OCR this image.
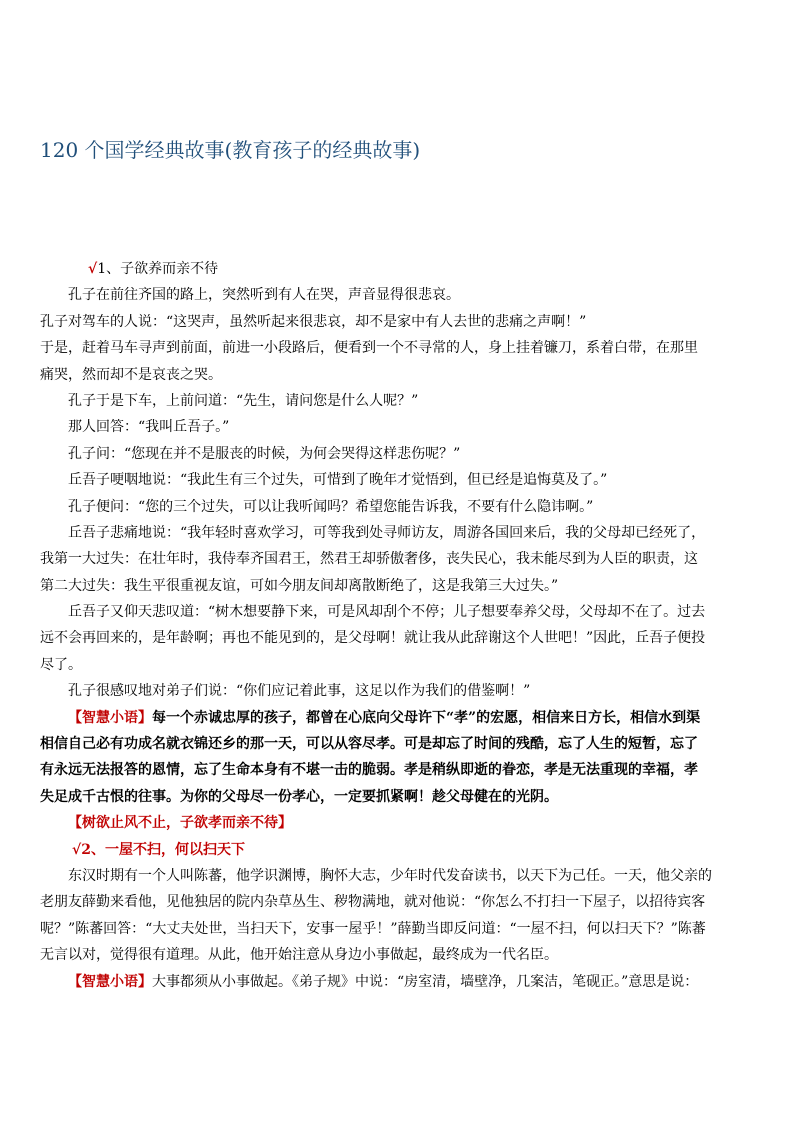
120 个国学经典故事(教育孩子的经典故事)
√1、子欲养而亲不待
孔子在前往齐国的路上，突然听到有人在哭，声音显得很悲哀。
孔子对驾车的人说：“这哭声，虽然听起来很悲哀，却不是家中有人去世的悲痛之声啊！”
于是，赶着马车寻声到前面，前进一小段路后，便看到一个不寻常的人，身上挂着镰刀，系着白带，在那里
痛哭，然而却不是哀丧之哭。
孔子于是下车，上前问道：“先生，请问您是什么人呢？”
那人回答：“我叫丘吾子。”
孔子问：“您现在并不是服丧的时候，为何会哭得这样悲伤呢？”
丘吾子哽咽地说：“我此生有三个过失，可惜到了晚年才觉悟到，但已经是追悔莫及了。”
孔子便问：“您的三个过失，可以让我听闻吗？希望您能告诉我，不要有什么隐讳啊。”
丘吾子悲痛地说：“我年轻时喜欢学习，可等我到处寻师访友，周游各国回来后，我的父母却已经死了，
我第一大过失：在壮年时，我侍奉齐国君王，然君王却骄傲奢侈，丧失民心，我未能尽到为人臣的职责，这
第二大过失：我生平很重视友谊，可如今朋友间却离散断绝了，这是我第三大过失。”
丘吾子又仰天悲叹道：“树木想要静下来，可是风却刮个不停；儿子想要奉养父母，父母却不在了。过去
远不会再回来的，是年龄啊；再也不能见到的，是父母啊！就让我从此辞谢这个人世吧！”因此，丘吾子便投
尽了。
孔子很感叹地对弟子们说：“你们应记着此事，这足以作为我们的借鉴啊！”
【智慧小语】每一个赤诚忠厚的孩子，都曾在心底向父母许下“孝”的宏愿，相信来日方长，相信水到渠
相信自己必有功成名就衣锦还乡的那一天，可以从容尽孝。可是却忘了时间的残酷，忘了人生的短暂，忘了
有永远无法报答的恩情，忘了生命本身有不堪一击的脆弱。孝是稍纵即逝的眷恋，孝是无法重现的幸福，孝
失足成千古恨的往事。为你的父母尽一份孝心，一定要抓紧啊！趁父母健在的光阴。
【树欲止风不止，子欲孝而亲不待】
√2、一屋不扫，何以扫天下
东汉时期有一个人叫陈蕃，他学识渊博，胸怀大志，少年时代发奋读书，以天下为己任。一天，他父亲的
老朋友薛勤来看他，见他独居的院内杂草丛生、秽物满地，就对他说：“你怎么不打扫一下屋子，以招待宾客
呢？”陈蕃回答：“大丈夫处世，当扫天下，安事一屋乎！”薛勤当即反问道：“一屋不扫，何以扫天下？”陈蕃
无言以对，觉得很有道理。从此，他开始注意从身边小事做起，最终成为一代名臣。
【智慧小语】大事都须从小事做起。《弟子规》中说：“房室清，墙壁净，几案洁，笔砚正。”意思是说：
